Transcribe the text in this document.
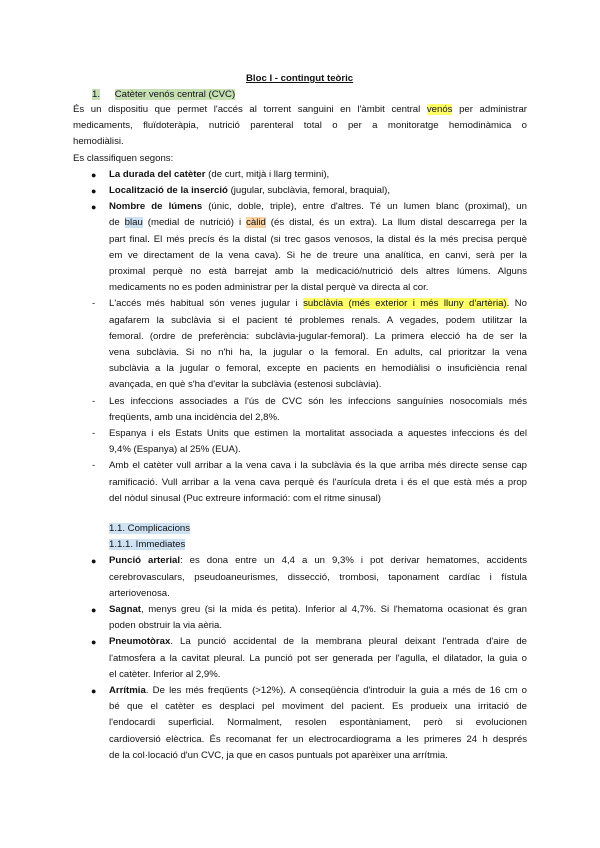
Bloc I - contingut teòric
1. Catèter venós central (CVC)
És un dispositiu que permet l'accés al torrent sanguini en l'àmbit central venós per administrar
medicaments, fluïdoteràpia, nutrició parenteral total o per a monitoratge hemodinàmica o
hemodiàlisi.
Es classifiquen segons:
● La durada del catèter (de curt, mitjà i llarg termini),
● Localització de la inserció (jugular, subclàvia, femoral, braquial),
● Nombre de lúmens (únic, doble, triple), entre d'altres. Té un lumen blanc (proximal), un
de blau (medial de nutrició) i càlid (és distal, és un extra). La llum distal descarrega per la
part final. El més precís és la distal (si trec gasos venosos, la distal és la més precisa perquè
em ve directament de la vena cava). Si he de treure una analítica, en canvi, serà per la
proximal perquè no està barrejat amb la medicació/nutrició dels altres lúmens. Alguns
medicaments no es poden administrar per la distal perquè va directa al cor.
- L'accés més habitual són venes jugular i subclàvia (més exterior i més lluny d'artèria). No
agafarem la subclàvia si el pacient té problemes renals. A vegades, podem utilitzar la
femoral. (ordre de preferència: subclàvia-jugular-femoral). La primera elecció ha de ser la
vena subclàvia. Si no n'hi ha, la jugular o la femoral. En adults, cal prioritzar la vena
subclàvia a la jugular o femoral, excepte en pacients en hemodiàlisi o insuficiència renal
avançada, en què s'ha d'evitar la subclàvia (estenosi subclàvia).
- Les infeccions associades a l'ús de CVC són les infeccions sanguínies nosocomials més
freqüents, amb una incidència del 2,8%.
- Espanya i els Estats Units que estimen la mortalitat associada a aquestes infeccions és del
9,4% (Espanya) al 25% (EUA).
- Amb el catèter vull arribar a la vena cava i la subclàvia és la que arriba més directe sense cap
ramificació. Vull arribar a la vena cava perquè és l'aurícula dreta i és el que està més a prop
del nòdul sinusal (Puc extreure informació: com el ritme sinusal)
1.1. Complicacions
1.1.1. Immediates
● Punció arterial: es dona entre un 4,4 a un 9,3% i pot derivar hematomes, accidents
cerebrovasculars, pseudoaneurismes, dissecció, trombosi, taponament cardíac i fístula
arteriovenosa.
● Sagnat, menys greu (si la mida és petita). Inferior al 4,7%. Si l'hematoma ocasionat és gran
poden obstruir la via aèria.
● Pneumotòrax. La punció accidental de la membrana pleural deixant l'entrada d'aire de
l'atmosfera a la cavitat pleural. La punció pot ser generada per l'agulla, el dilatador, la guia o
el catèter. Inferior al 2,9%.
● Arrítmia. De les més freqüents (>12%). A conseqüència d'introduir la guia a més de 16 cm o
bé que el catèter es desplaci pel moviment del pacient. Es produeix una irritació de
l'endocardi superficial. Normalment, resolen espontàniament, però si evolucionen
cardioversió elèctrica. És recomanat fer un electrocardiograma a les primeres 24 h després
de la col·locació d'un CVC, ja que en casos puntuals pot aparèixer una arrítmia.
